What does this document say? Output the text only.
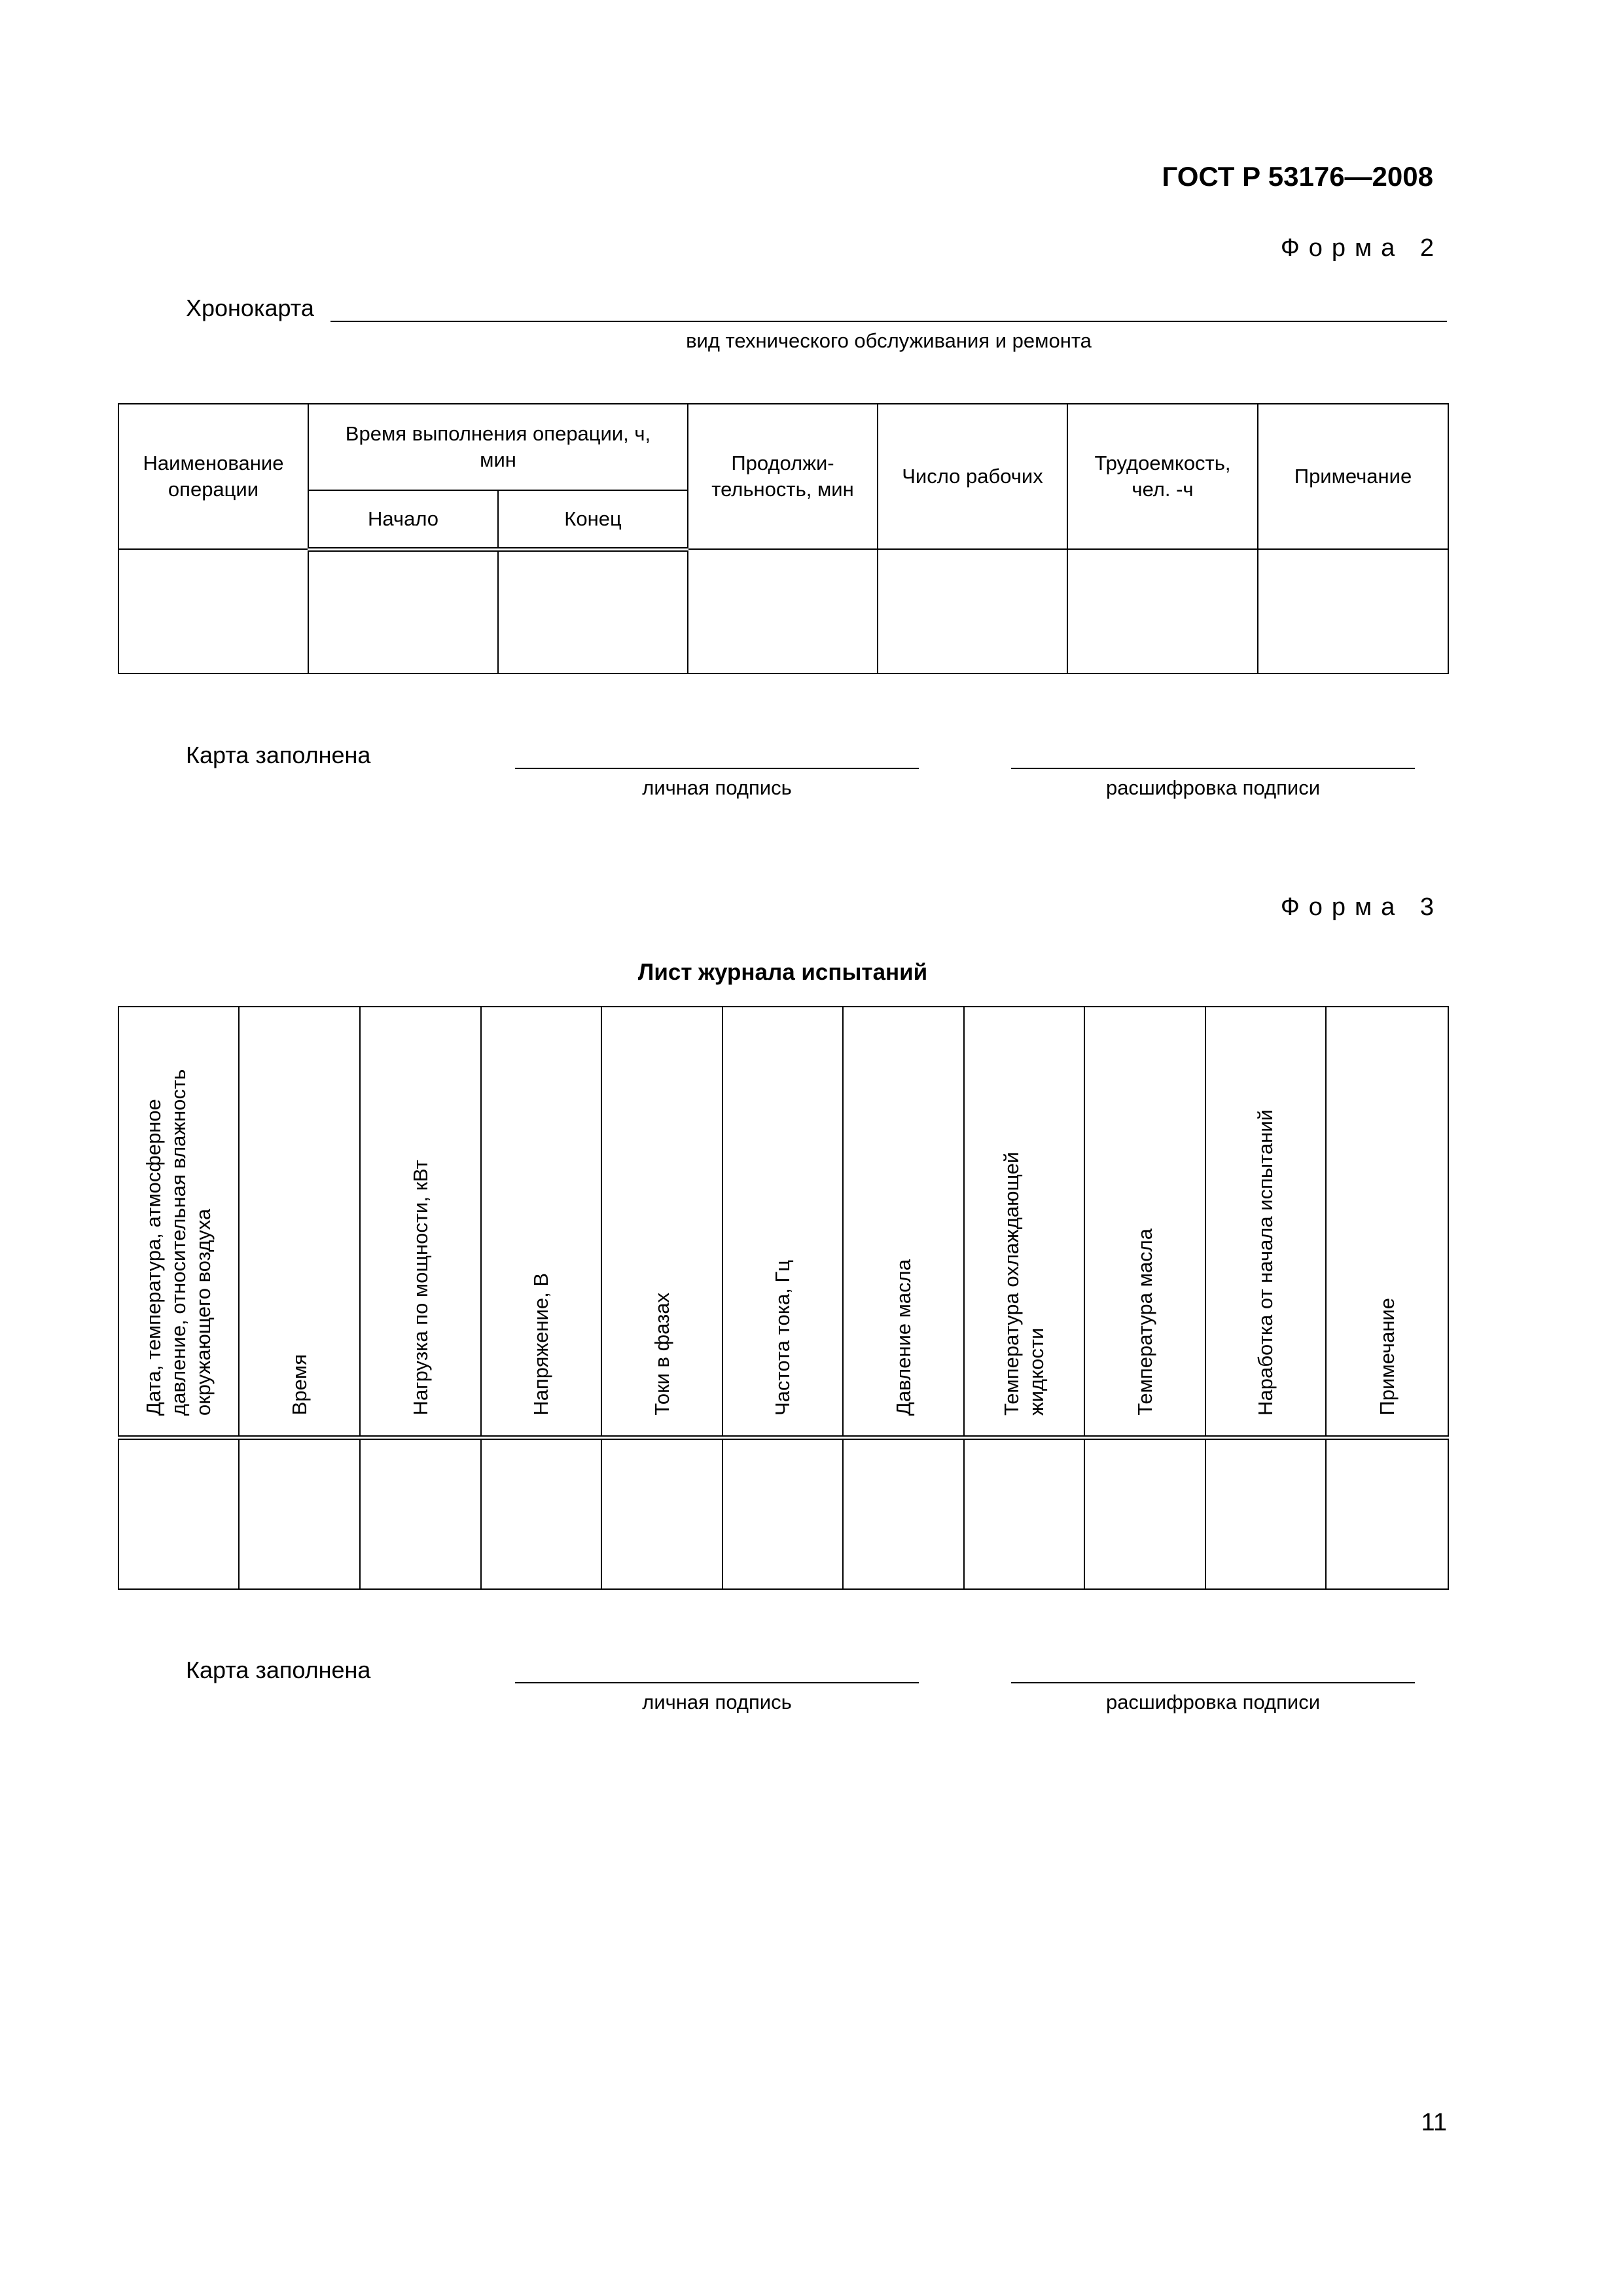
ГОСТ Р 53176—2008
Форма 2
Хронокарта
вид технического обслуживания и ремонта
Наименование операции	Время выполнения операции, ч, мин		Продолжи-тельность, мин	Число рабочих	Трудоемкость, чел. -ч	Примечание
	Начало	Конец				

Карта заполнена
личная подпись	расшифровка подписи
Форма 3
Лист журнала испытаний
Дата, температура, атмосферное давление, относительная влажность окружающего воздуха	Время	Нагрузка по мощности, кВт	Напряжение, В	Токи в фазах	Частота тока, Гц	Давление масла	Температура охлаждающей жидкости	Температура масла	Наработка от начала испытаний	Примечание

Карта заполнена
личная подпись	расшифровка подписи
11
